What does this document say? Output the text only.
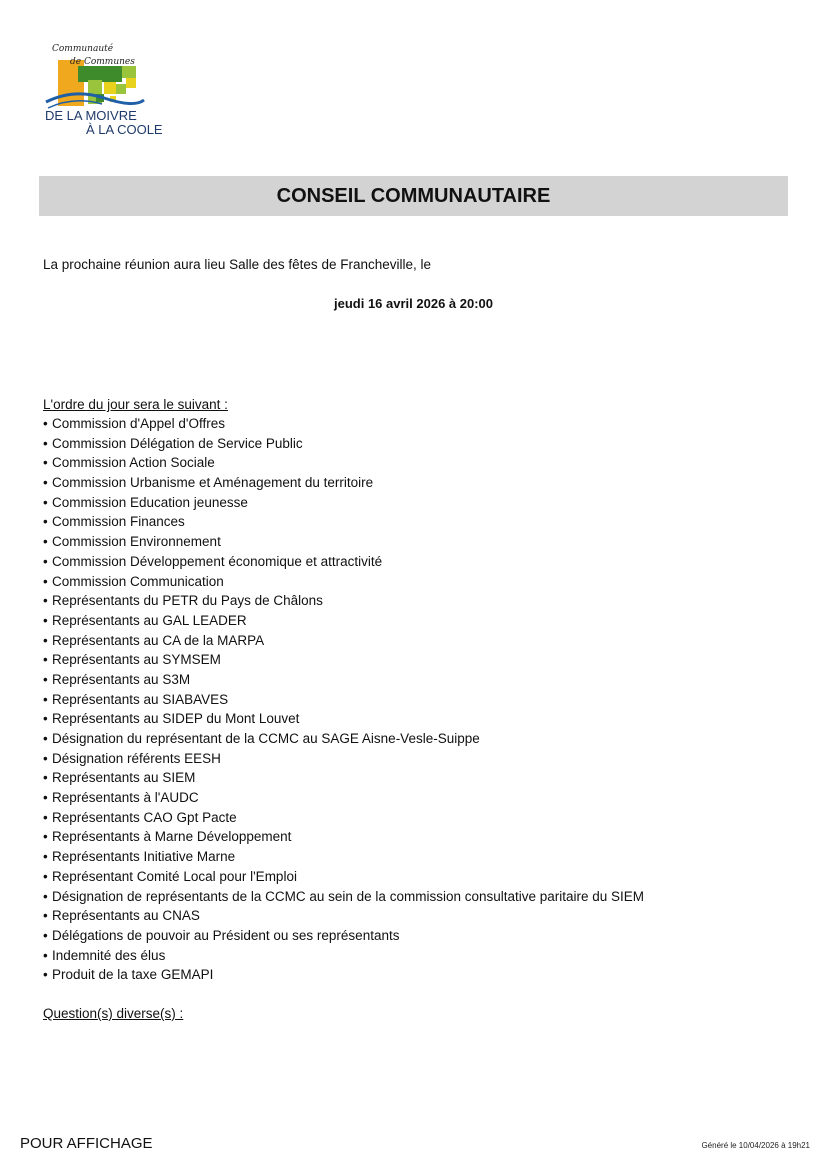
Communauté
de Communes
DE LA MOIVRE
À LA COOLE
CONSEIL COMMUNAUTAIRE
La prochaine réunion aura lieu Salle des fêtes de Francheville, le
jeudi 16 avril 2026 à 20:00
L'ordre du jour sera le suivant :
• Commission d'Appel d'Offres
• Commission Délégation de Service Public
• Commission Action Sociale
• Commission Urbanisme et Aménagement du territoire
• Commission Education jeunesse
• Commission Finances
• Commission Environnement
• Commission Développement économique et attractivité
• Commission Communication
• Représentants du PETR du Pays de Châlons
• Représentants au GAL LEADER
• Représentants au CA de la MARPA
• Représentants au SYMSEM
• Représentants au S3M
• Représentants au SIABAVES
• Représentants au SIDEP du Mont Louvet
• Désignation du représentant de la CCMC au SAGE Aisne-Vesle-Suippe
• Désignation référents EESH
• Représentants au SIEM
• Représentants à l'AUDC
• Représentants CAO Gpt Pacte
• Représentants à Marne Développement
• Représentants Initiative Marne
• Représentant Comité Local pour l'Emploi
• Désignation de représentants de la CCMC au sein de la commission consultative paritaire du SIEM
• Représentants au CNAS
• Délégations de pouvoir au Président ou ses représentants
• Indemnité des élus
• Produit de la taxe GEMAPI
Question(s) diverse(s) :
POUR AFFICHAGE	Généré le 10/04/2026 à 19h21
